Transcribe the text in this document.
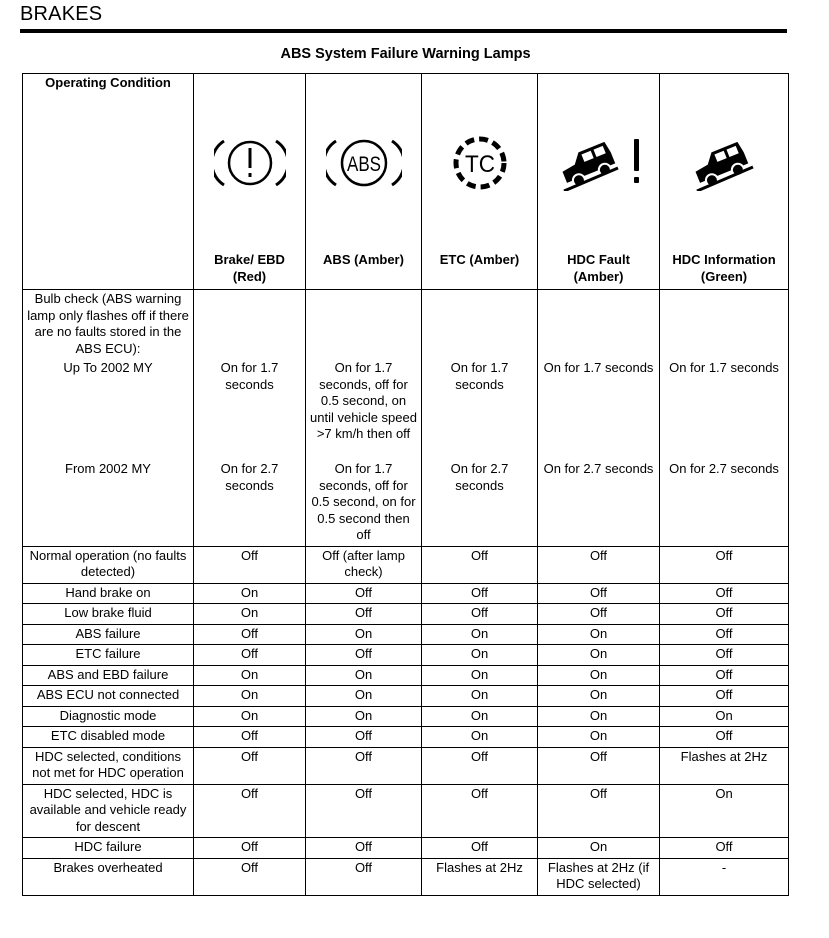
BRAKES
ABS System Failure Warning Lamps
Operating Condition		ABS	TC

	Brake/ EBD (Red)	ABS (Amber)	ETC (Amber)	HDC Fault (Amber)	HDC Information (Green)
Bulb check (ABS warning lamp only flashes off if there are no faults stored in the ABS ECU):					
Up To 2002 MY	On for 1.7 seconds	On for 1.7 seconds, off for 0.5 second, on until vehicle speed >7 km/h then off	On for 1.7 seconds	On for 1.7 seconds	On for 1.7 seconds
From 2002 MY	On for 2.7 seconds	On for 1.7 seconds, off for 0.5 second, on for 0.5 second then off	On for 2.7 seconds	On for 2.7 seconds	On for 2.7 seconds
Normal operation (no faults detected)	Off	Off (after lamp check)	Off	Off	Off
Hand brake on	On	Off	Off	Off	Off
Low brake fluid	On	Off	Off	Off	Off
ABS failure	Off	On	On	On	Off
ETC failure	Off	Off	On	On	Off
ABS and EBD failure	On	On	On	On	Off
ABS ECU not connected	On	On	On	On	Off
Diagnostic mode	On	On	On	On	On
ETC disabled mode	Off	Off	On	On	Off
HDC selected, conditions not met for HDC operation	Off	Off	Off	Off	Flashes at 2Hz
HDC selected, HDC is available and vehicle ready for descent	Off	Off	Off	Off	On
HDC failure	Off	Off	Off	On	Off
Brakes overheated	Off	Off	Flashes at 2Hz	Flashes at 2Hz (if HDC selected)	-
